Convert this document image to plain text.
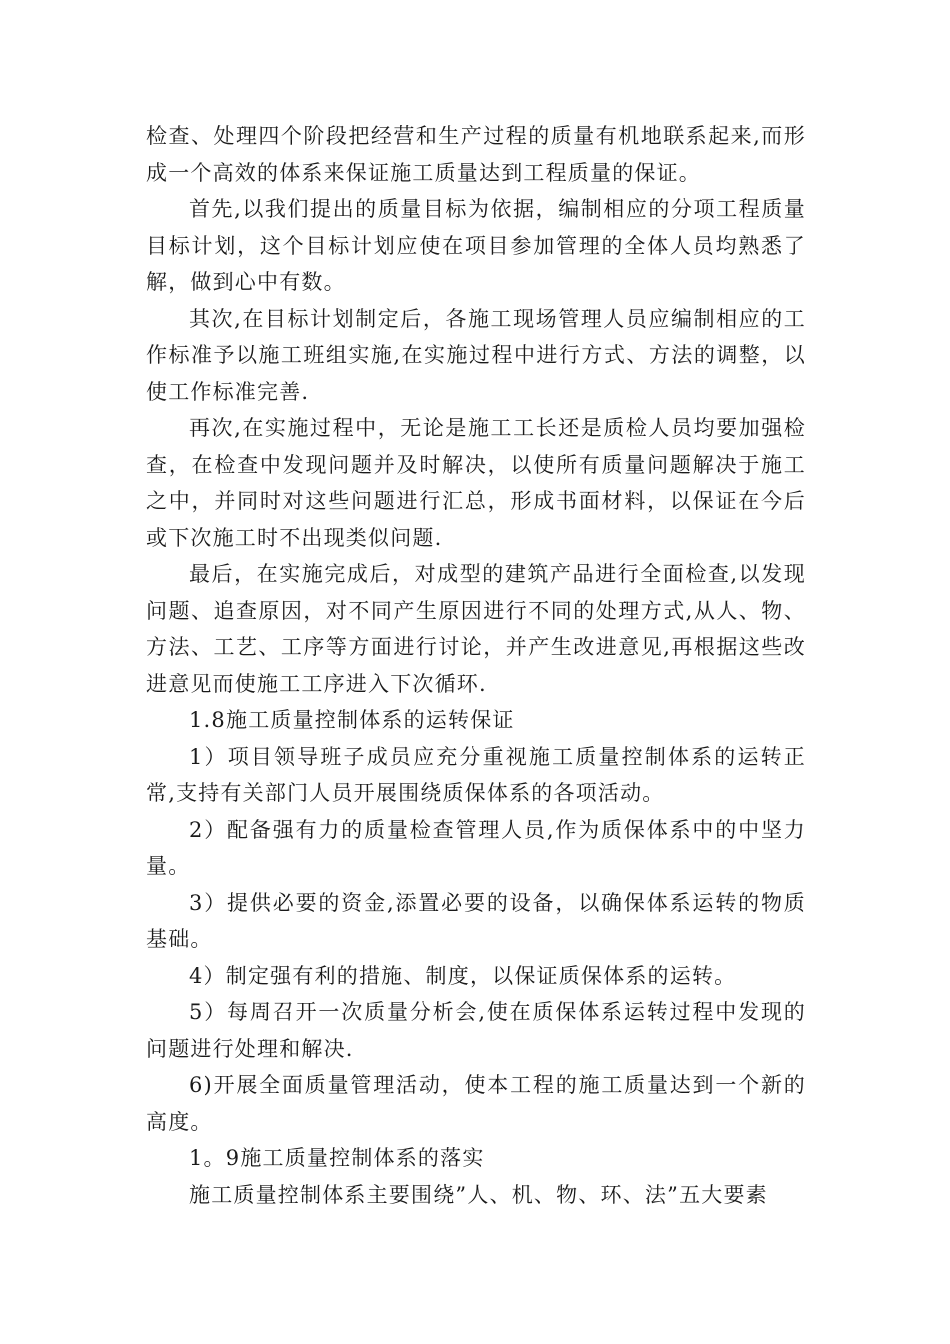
检查、处理四个阶段把经营和生产过程的质量有机地联系起来,而形成一个高效的体系来保证施工质量达到工程质量的保证。

首先,以我们提出的质量目标为依据，编制相应的分项工程质量目标计划，这个目标计划应使在项目参加管理的全体人员均熟悉了解，做到心中有数。

其次,在目标计划制定后，各施工现场管理人员应编制相应的工作标准予以施工班组实施,在实施过程中进行方式、方法的调整，以使工作标准完善.

再次,在实施过程中，无论是施工工长还是质检人员均要加强检查，在检查中发现问题并及时解决，以使所有质量问题解决于施工之中，并同时对这些问题进行汇总，形成书面材料，以保证在今后或下次施工时不出现类似问题.

最后，在实施完成后，对成型的建筑产品进行全面检查,以发现问题、追查原因，对不同产生原因进行不同的处理方式,从人、物、方法、工艺、工序等方面进行讨论，并产生改进意见,再根据这些改进意见而使施工工序进入下次循环.

1.8施工质量控制体系的运转保证

1）项目领导班子成员应充分重视施工质量控制体系的运转正常,支持有关部门人员开展围绕质保体系的各项活动。

2）配备强有力的质量检查管理人员,作为质保体系中的中坚力量。

3）提供必要的资金,添置必要的设备，以确保体系运转的物质基础。

4）制定强有利的措施、制度，以保证质保体系的运转。

5）每周召开一次质量分析会,使在质保体系运转过程中发现的问题进行处理和解决.

6)开展全面质量管理活动，使本工程的施工质量达到一个新的高度。

1。9施工质量控制体系的落实

施工质量控制体系主要围绕”人、机、物、环、法”五大要素
